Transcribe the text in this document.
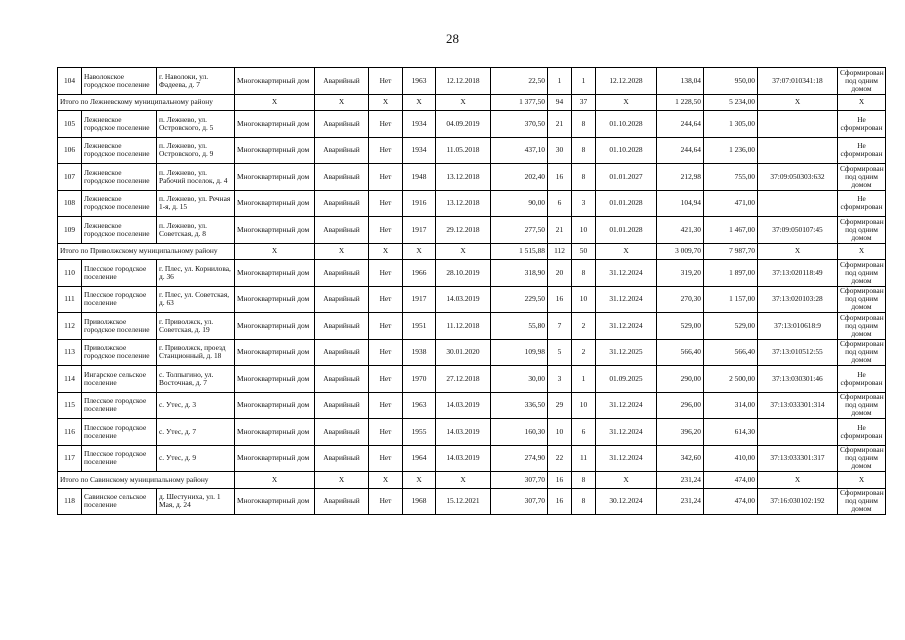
28
104	Наволокское городское поселение	г. Наволоки, ул. Фадеева, д. 7	Многоквартирный дом	Аварийный	Нет	1963	12.12.2018	22,50	1	1	12.12.2028	138,04	950,00	37:07:010341:18	Сформирован под одним домом
Итого по Лежневскому муниципальному району			X	X	X	X	X	1 377,50	94	37	X	1 228,50	5 234,00	X	X
105	Лежневское городское поселение	п. Лежнево, ул. Островского, д. 5	Многоквартирный дом	Аварийный	Нет	1934	04.09.2019	370,50	21	8	01.10.2028	244,64	1 305,00		Не сформирован
106	Лежневское городское поселение	п. Лежнево, ул. Островского, д. 9	Многоквартирный дом	Аварийный	Нет	1934	11.05.2018	437,10	30	8	01.10.2028	244,64	1 236,00		Не сформирован
107	Лежневское городское поселение	п. Лежнево, ул. Рабочий поселок, д. 4	Многоквартирный дом	Аварийный	Нет	1948	13.12.2018	202,40	16	8	01.01.2027	212,98	755,00	37:09:050303:632	Сформирован под одним домом
108	Лежневское городское поселение	п. Лежнево, ул. Речная 1-я, д. 15	Многоквартирный дом	Аварийный	Нет	1916	13.12.2018	90,00	6	3	01.01.2028	104,94	471,00		Не сформирован
109	Лежневское городское поселение	п. Лежнево, ул. Советская, д. 8	Многоквартирный дом	Аварийный	Нет	1917	29.12.2018	277,50	21	10	01.01.2028	421,30	1 467,00	37:09:050107:45	Сформирован под одним домом
Итого по Приволжскому муниципальному району			X	X	X	X	X	1 515,88	112	50	X	3 009,70	7 987,70	X	X
110	Плесское городское поселение	г. Плес, ул. Корнилова, д. 36	Многоквартирный дом	Аварийный	Нет	1966	28.10.2019	318,90	20	8	31.12.2024	319,20	1 897,00	37:13:020118:49	Сформирован под одним домом
111	Плесское городское поселение	г. Плес, ул. Советская, д. 63	Многоквартирный дом	Аварийный	Нет	1917	14.03.2019	229,50	16	10	31.12.2024	270,30	1 157,00	37:13:020103:28	Сформирован под одним домом
112	Приволжское городское поселение	г. Приволжск, ул. Советская, д. 19	Многоквартирный дом	Аварийный	Нет	1951	11.12.2018	55,80	7	2	31.12.2024	529,00	529,00	37:13:010618:9	Сформирован под одним домом
113	Приволжское городское поселение	г. Приволжск, проезд Станционный, д. 18	Многоквартирный дом	Аварийный	Нет	1938	30.01.2020	109,98	5	2	31.12.2025	566,40	566,40	37:13:010512:55	Сформирован под одним домом
114	Ингарское сельское поселение	с. Толпыгино, ул. Восточная, д. 7	Многоквартирный дом	Аварийный	Нет	1970	27.12.2018	30,00	3	1	01.09.2025	290,00	2 500,00	37:13:030301:46	Не сформирован
115	Плесское городское поселение	с. Утес, д. 3	Многоквартирный дом	Аварийный	Нет	1963	14.03.2019	336,50	29	10	31.12.2024	296,00	314,00	37:13:033301:314	Сформирован под одним домом
116	Плесское городское поселение	с. Утес, д. 7	Многоквартирный дом	Аварийный	Нет	1955	14.03.2019	160,30	10	6	31.12.2024	396,20	614,30		Не сформирован
117	Плесское городское поселение	с. Утес, д. 9	Многоквартирный дом	Аварийный	Нет	1964	14.03.2019	274,90	22	11	31.12.2024	342,60	410,00	37:13:033301:317	Сформирован под одним домом
Итого по Савинскому муниципальному району			X	X	X	X	X	307,70	16	8	X	231,24	474,00	X	X
118	Савинское сельское поселение	д. Шестунихa, ул. 1 Мая, д. 24	Многоквартирный дом	Аварийный	Нет	1968	15.12.2021	307,70	16	8	30.12.2024	231,24	474,00	37:16:030102:192	Сформирован под одним домом
